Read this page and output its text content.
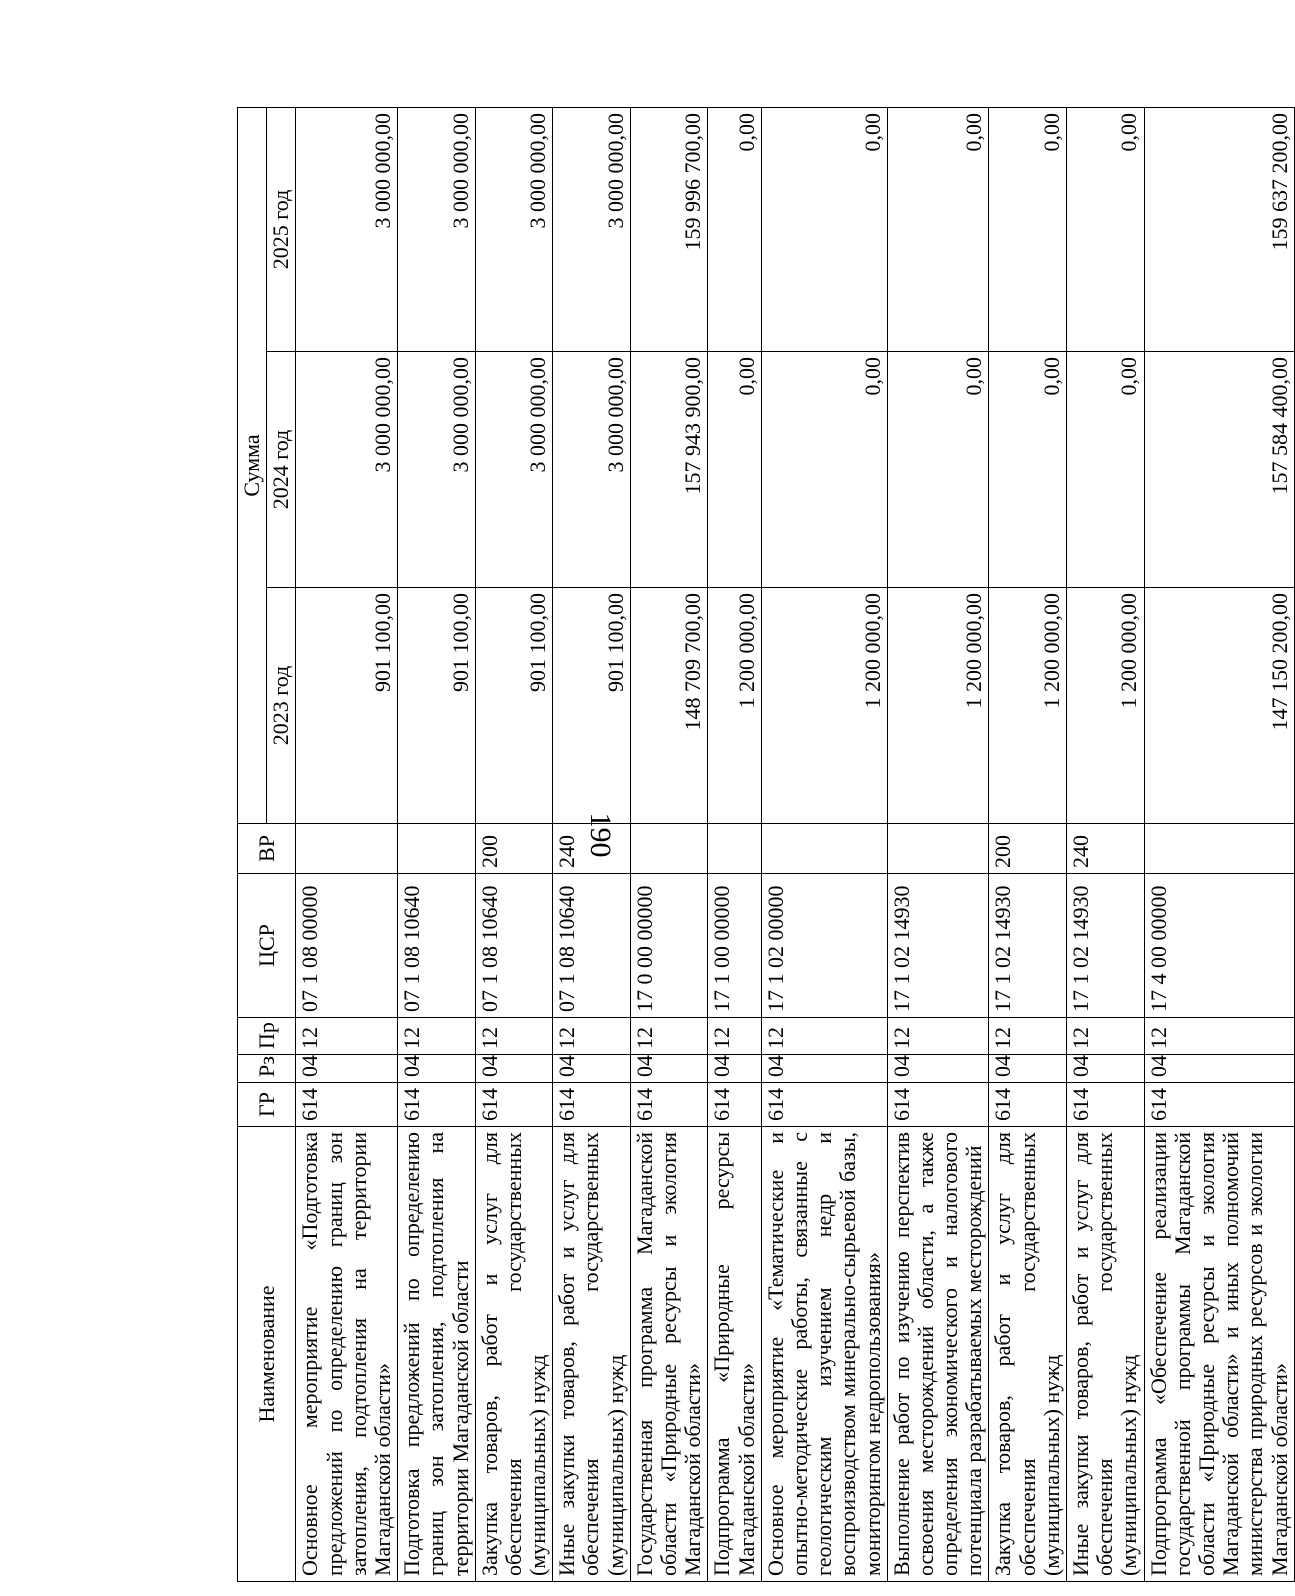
190
Наименование	ГР	Рз	Пр	ЦСР	ВР	Сумма		
						2023 год	2024 год	2025 год
Основное мероприятие «Подготовка предложений по определению границ зон затопления, подтопления на территории Магаданской области»	614	04	12	07 1 08 00000		901 100,00	3 000 000,00	3 000 000,00
Подготовка предложений по определению границ зон затопления, подтопления на территории Магаданской области	614	04	12	07 1 08 10640		901 100,00	3 000 000,00	3 000 000,00
Закупка товаров, работ и услуг для обеспечения государственных (муниципальных) нужд	614	04	12	07 1 08 10640	200	901 100,00	3 000 000,00	3 000 000,00
Иные закупки товаров, работ и услуг для обеспечения государственных (муниципальных) нужд	614	04	12	07 1 08 10640	240	901 100,00	3 000 000,00	3 000 000,00
Государственная программа Магаданской области «Природные ресурсы и экология Магаданской области»	614	04	12	17 0 00 00000		148 709 700,00	157 943 900,00	159 996 700,00
Подпрограмма «Природные ресурсы Магаданской области»	614	04	12	17 1 00 00000		1 200 000,00	0,00	0,00
Основное мероприятие «Тематические и опытно-методические работы, связанные с геологическим изучением недр и воспроизводством минерально-сырьевой базы, мониторингом недропользования»	614	04	12	17 1 02 00000		1 200 000,00	0,00	0,00
Выполнение работ по изучению перспектив освоения месторождений области, а также определения экономического и налогового потенциала разрабатываемых месторождений	614	04	12	17 1 02 14930		1 200 000,00	0,00	0,00
Закупка товаров, работ и услуг для обеспечения государственных (муниципальных) нужд	614	04	12	17 1 02 14930	200	1 200 000,00	0,00	0,00
Иные закупки товаров, работ и услуг для обеспечения государственных (муниципальных) нужд	614	04	12	17 1 02 14930	240	1 200 000,00	0,00	0,00
Подпрограмма «Обеспечение реализации государственной программы Магаданской области «Природные ресурсы и экология Магаданской области» и иных полномочий министерства природных ресурсов и экологии Магаданской области»	614	04	12	17 4 00 00000		147 150 200,00	157 584 400,00	159 637 200,00
